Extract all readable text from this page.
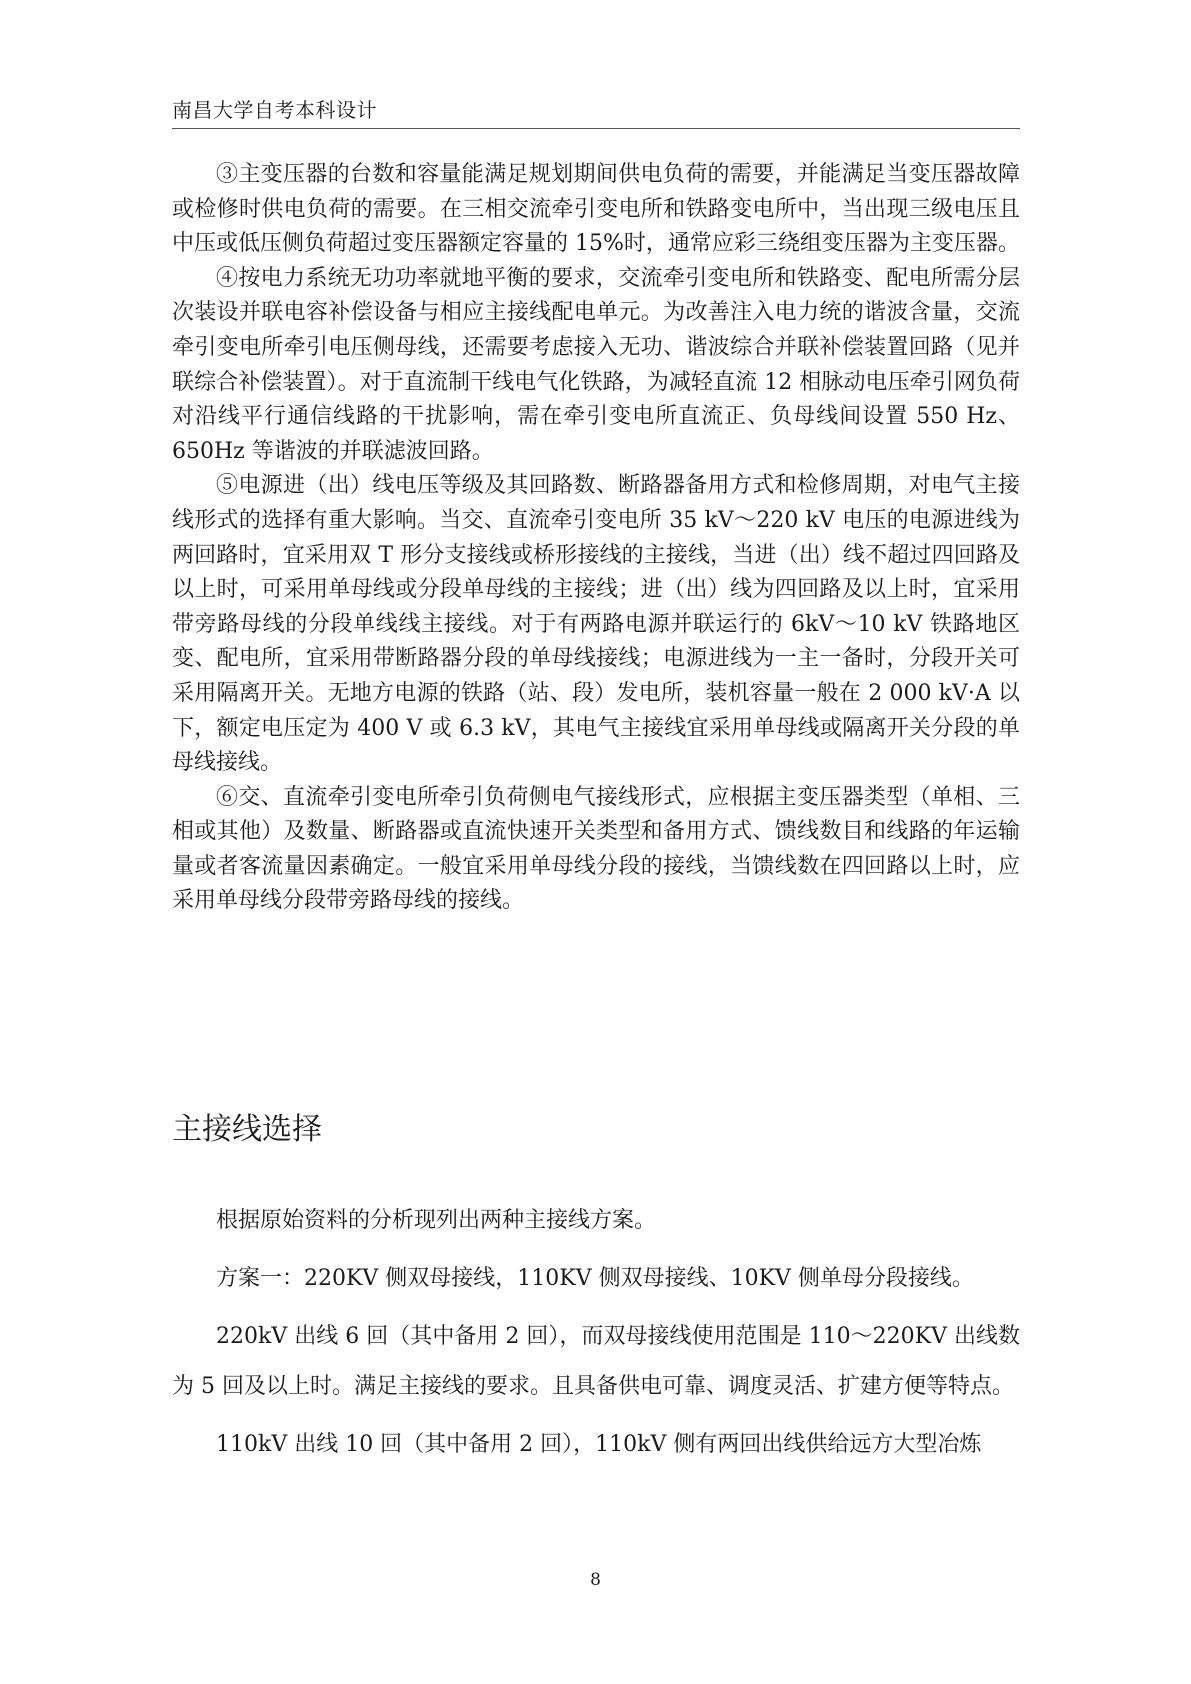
南昌大学自考本科设计

③主变压器的台数和容量能满足规划期间供电负荷的需要，并能满足当变压器故障或检修时供电负荷的需要。在三相交流牵引变电所和铁路变电所中，当出现三级电压且中压或低压侧负荷超过变压器额定容量的 15%时，通常应彩三绕组变压器为主变压器。

④按电力系统无功功率就地平衡的要求，交流牵引变电所和铁路变、配电所需分层次装设并联电容补偿设备与相应主接线配电单元。为改善注入电力统的谐波含量，交流牵引变电所牵引电压侧母线，还需要考虑接入无功、谐波综合并联补偿装置回路（见并联综合补偿装置）。对于直流制干线电气化铁路，为减轻直流 12 相脉动电压牵引网负荷对沿线平行通信线路的干扰影响，需在牵引变电所直流正、负母线间设置 550 Hz、650Hz 等谐波的并联滤波回路。

⑤电源进（出）线电压等级及其回路数、断路器备用方式和检修周期，对电气主接线形式的选择有重大影响。当交、直流牵引变电所 35 kV～220 kV 电压的电源进线为两回路时，宜采用双 T 形分支接线或桥形接线的主接线，当进（出）线不超过四回路及以上时，可采用单母线或分段单母线的主接线；进（出）线为四回路及以上时，宜采用带旁路母线的分段单线线主接线。对于有两路电源并联运行的 6kV～10 kV 铁路地区变、配电所，宜采用带断路器分段的单母线接线；电源进线为一主一备时，分段开关可采用隔离开关。无地方电源的铁路（站、段）发电所，装机容量一般在 2 000 kV·A 以下，额定电压定为 400 V 或 6.3 kV，其电气主接线宜采用单母线或隔离开关分段的单母线接线。

⑥交、直流牵引变电所牵引负荷侧电气接线形式，应根据主变压器类型（单相、三相或其他）及数量、断路器或直流快速开关类型和备用方式、馈线数目和线路的年运输量或者客流量因素确定。一般宜采用单母线分段的接线，当馈线数在四回路以上时，应采用单母线分段带旁路母线的接线。

主接线选择

根据原始资料的分析现列出两种主接线方案。

方案一：220KV 侧双母接线，110KV 侧双母接线、10KV 侧单母分段接线。

220kV 出线 6 回（其中备用 2 回），而双母接线使用范围是 110～220KV 出线数为 5 回及以上时。满足主接线的要求。且具备供电可靠、调度灵活、扩建方便等特点。

110kV 出线 10 回（其中备用 2 回），110kV 侧有两回出线供给远方大型冶炼

8
